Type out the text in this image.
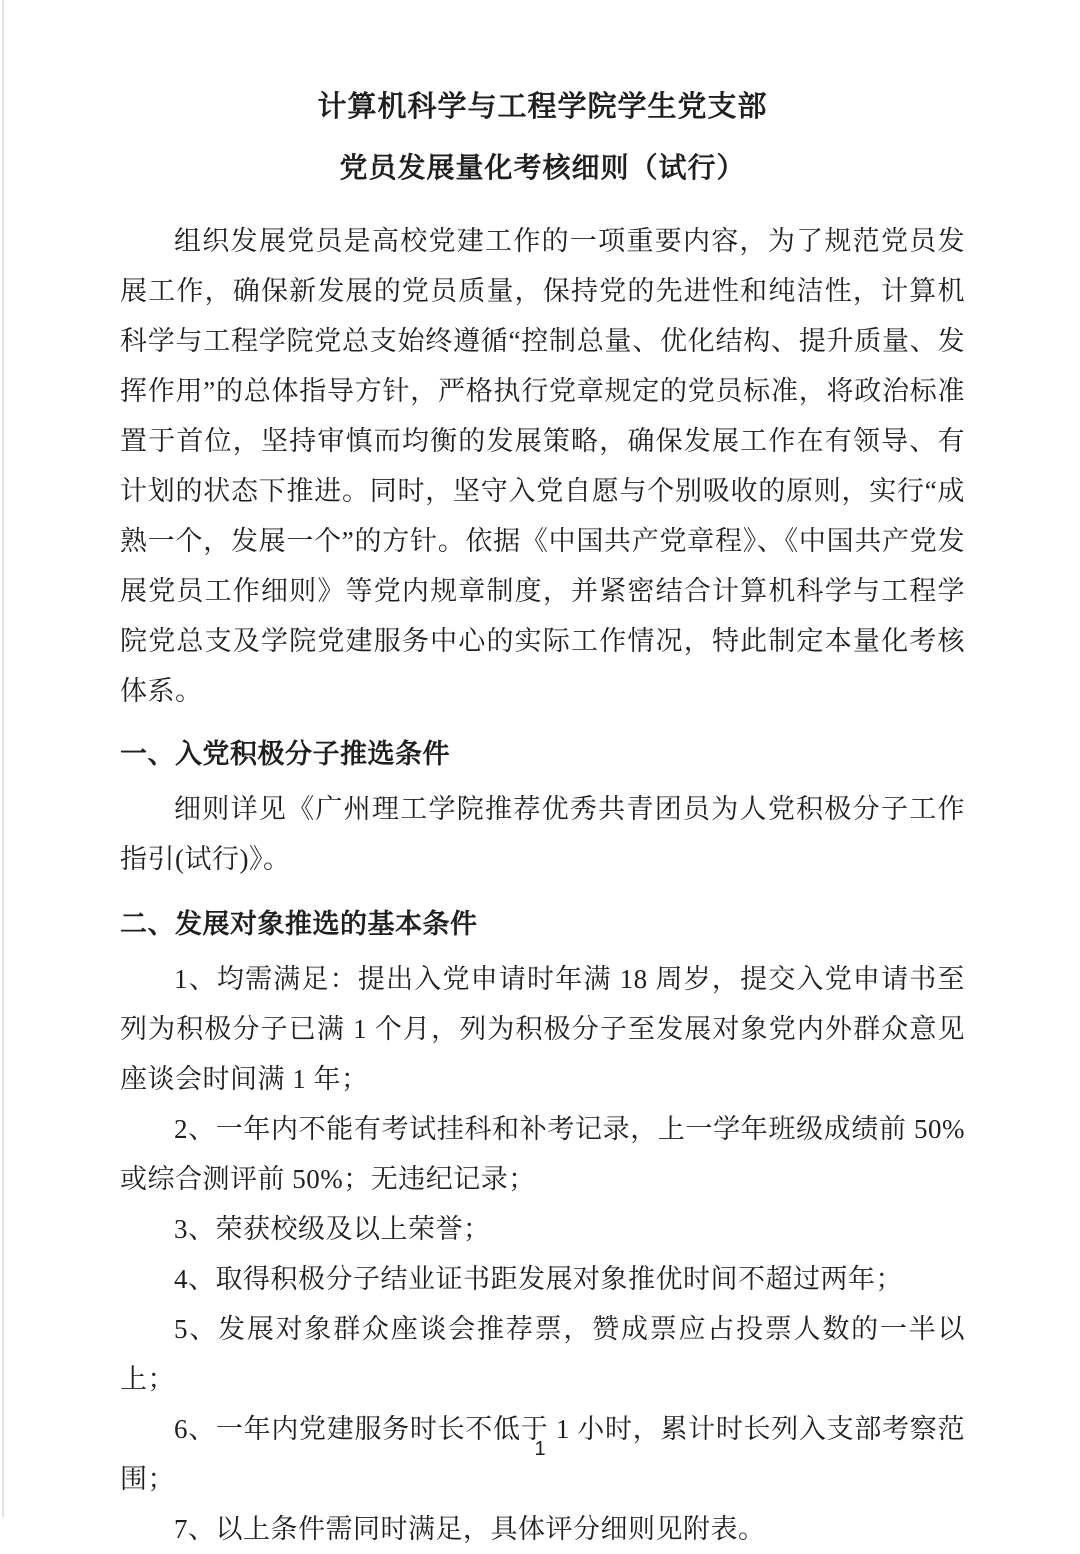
计算机科学与工程学院学生党支部
党员发展量化考核细则（试行）

组织发展党员是高校党建工作的一项重要内容，为了规范党员发展工作，确保新发展的党员质量，保持党的先进性和纯洁性，计算机科学与工程学院党总支始终遵循“控制总量、优化结构、提升质量、发挥作用”的总体指导方针，严格执行党章规定的党员标准，将政治标准置于首位，坚持审慎而均衡的发展策略，确保发展工作在有领导、有计划的状态下推进。同时，坚守入党自愿与个别吸收的原则，实行“成熟一个，发展一个”的方针。依据《中国共产党章程》、《中国共产党发展党员工作细则》等党内规章制度，并紧密结合计算机科学与工程学院党总支及学院党建服务中心的实际工作情况，特此制定本量化考核体系。

一、入党积极分子推选条件

细则详见《广州理工学院推荐优秀共青团员为人党积极分子工作指引(试行)》。

二、发展对象推选的基本条件

1、均需满足：提出入党申请时年满 18 周岁，提交入党申请书至列为积极分子已满 1 个月，列为积极分子至发展对象党内外群众意见座谈会时间满 1 年；

2、一年内不能有考试挂科和补考记录，上一学年班级成绩前 50%或综合测评前 50%；无违纪记录；

3、荣获校级及以上荣誉；

4、取得积极分子结业证书距发展对象推优时间不超过两年；

5、发展对象群众座谈会推荐票，赞成票应占投票人数的一半以上；

6、一年内党建服务时长不低于 1 小时，累计时长列入支部考察范围；

7、以上条件需同时满足，具体评分细则见附表。

1
